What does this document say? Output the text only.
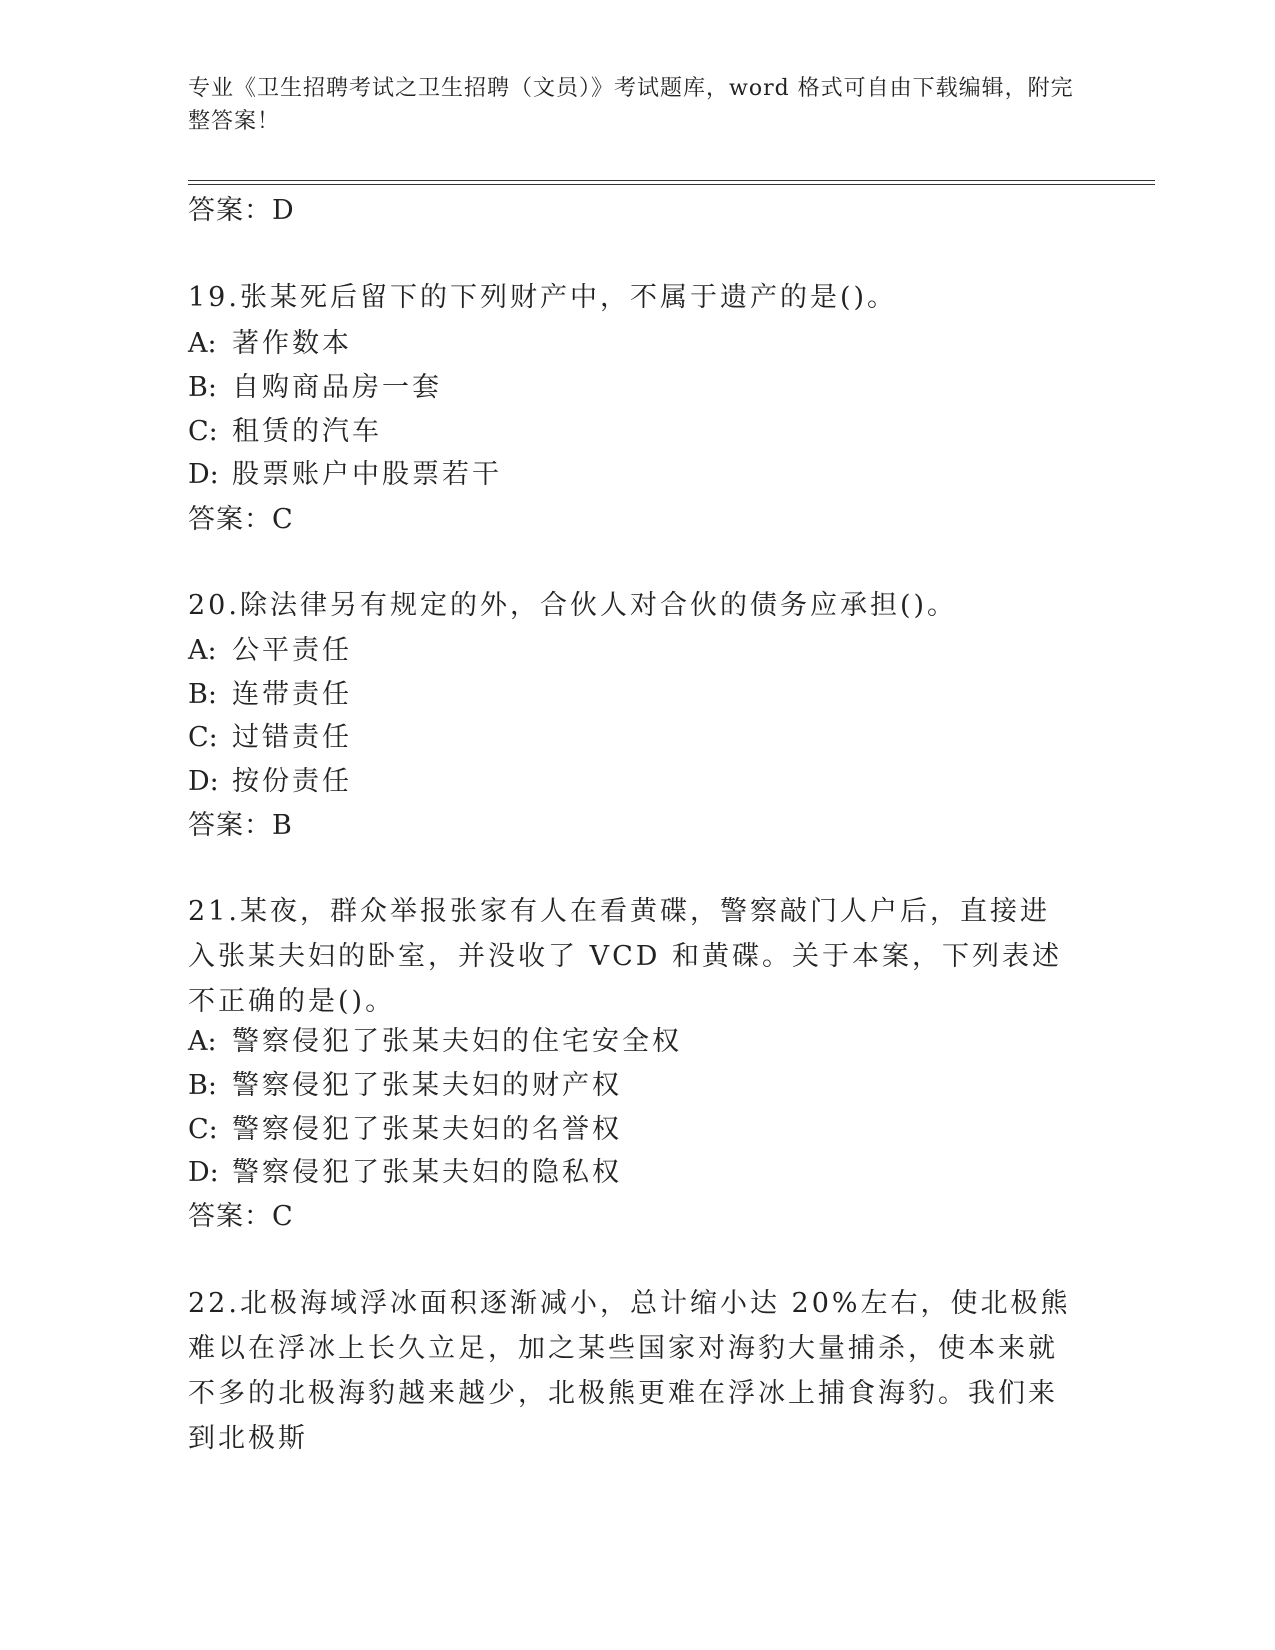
专业《卫生招聘考试之卫生招聘（文员）》考试题库，word 格式可自由下载编辑，附完整答案！
答案：D
19.张某死后留下的下列财产中，不属于遗产的是()。
A: 著作数本
B: 自购商品房一套
C: 租赁的汽车
D: 股票账户中股票若干
答案：C
20.除法律另有规定的外，合伙人对合伙的债务应承担()。
A: 公平责任
B: 连带责任
C: 过错责任
D: 按份责任
答案：B
21.某夜，群众举报张家有人在看黄碟，警察敲门人户后，直接进入张某夫妇的卧室，并没收了 VCD 和黄碟。关于本案，下列表述不正确的是()。
A: 警察侵犯了张某夫妇的住宅安全权
B: 警察侵犯了张某夫妇的财产权
C: 警察侵犯了张某夫妇的名誉权
D: 警察侵犯了张某夫妇的隐私权
答案：C
22.北极海域浮冰面积逐渐减小，总计缩小达 20%左右，使北极熊难以在浮冰上长久立足，加之某些国家对海豹大量捕杀，使本来就不多的北极海豹越来越少，北极熊更难在浮冰上捕食海豹。我们来到北极斯
